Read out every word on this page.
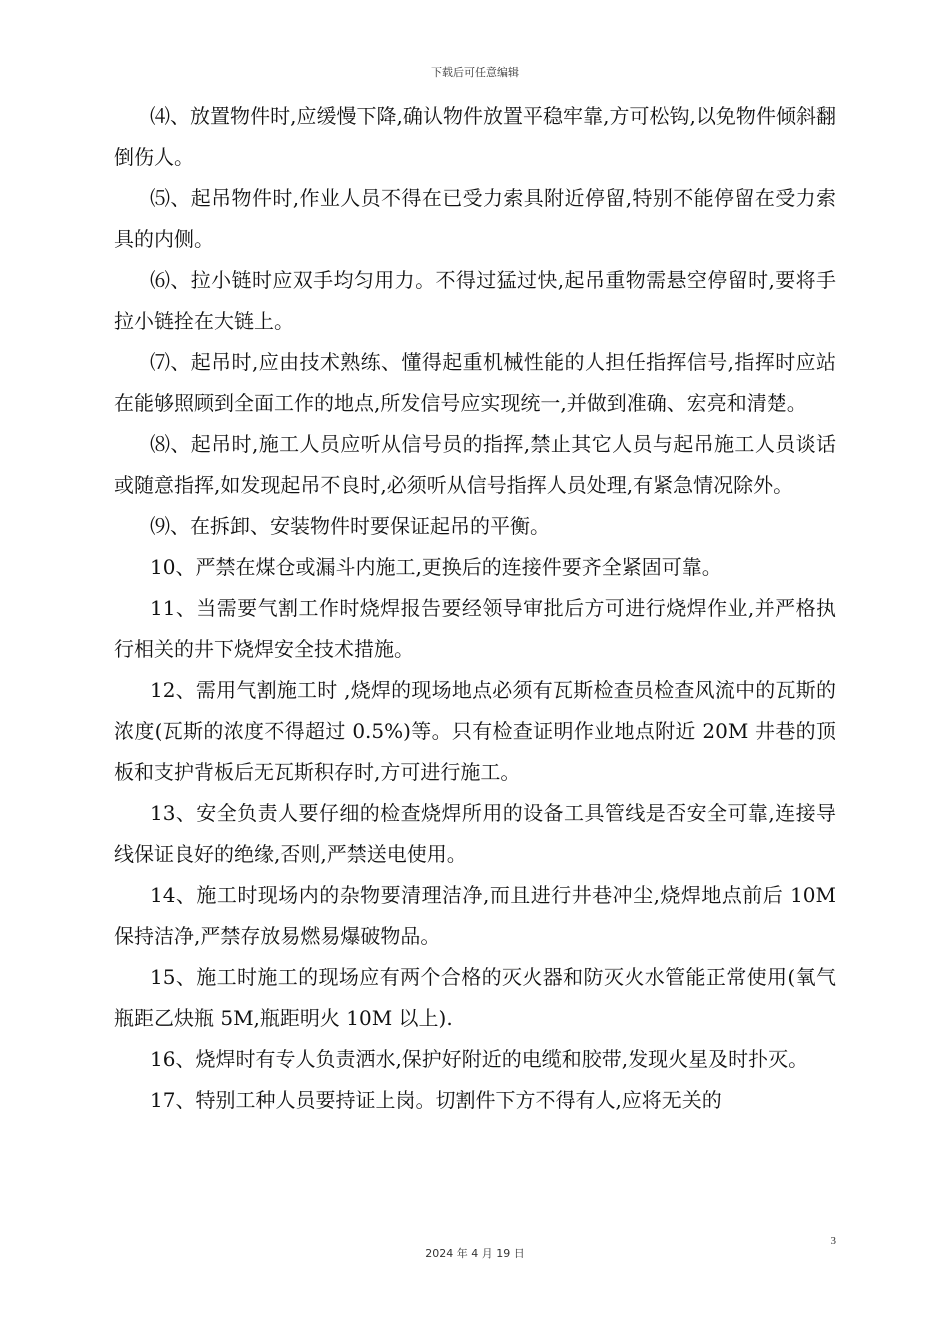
下载后可任意编辑

⑷、放置物件时,应缓慢下降,确认物件放置平稳牢靠,方可松钩,以免物件倾斜翻倒伤人。

⑸、起吊物件时,作业人员不得在已受力索具附近停留,特别不能停留在受力索具的内侧。

⑹、拉小链时应双手均匀用力。不得过猛过快,起吊重物需悬空停留时,要将手拉小链拴在大链上。

⑺、起吊时,应由技术熟练、懂得起重机械性能的人担任指挥信号,指挥时应站在能够照顾到全面工作的地点,所发信号应实现统一,并做到准确、宏亮和清楚。

⑻、起吊时,施工人员应听从信号员的指挥,禁止其它人员与起吊施工人员谈话或随意指挥,如发现起吊不良时,必须听从信号指挥人员处理,有紧急情况除外。

⑼、在拆卸、安装物件时要保证起吊的平衡。

10、严禁在煤仓或漏斗内施工,更换后的连接件要齐全紧固可靠。

11、当需要气割工作时烧焊报告要经领导审批后方可进行烧焊作业,并严格执行相关的井下烧焊安全技术措施。

12、需用气割施工时 ,烧焊的现场地点必须有瓦斯检查员检查风流中的瓦斯的浓度(瓦斯的浓度不得超过 0.5%)等。只有检查证明作业地点附近 20M 井巷的顶板和支护背板后无瓦斯积存时,方可进行施工。

13、安全负责人要仔细的检查烧焊所用的设备工具管线是否安全可靠,连接导线保证良好的绝缘,否则,严禁送电使用。

14、施工时现场内的杂物要清理洁净,而且进行井巷冲尘,烧焊地点前后 10M 保持洁净,严禁存放易燃易爆破物品。

15、施工时施工的现场应有两个合格的灭火器和防灭火水管能正常使用(氧气瓶距乙炔瓶 5M,瓶距明火 10M 以上).

16、烧焊时有专人负责洒水,保护好附近的电缆和胶带,发现火星及时扑灭。

17、特别工种人员要持证上岗。切割件下方不得有人,应将无关的

3
2024 年 4 月 19 日
